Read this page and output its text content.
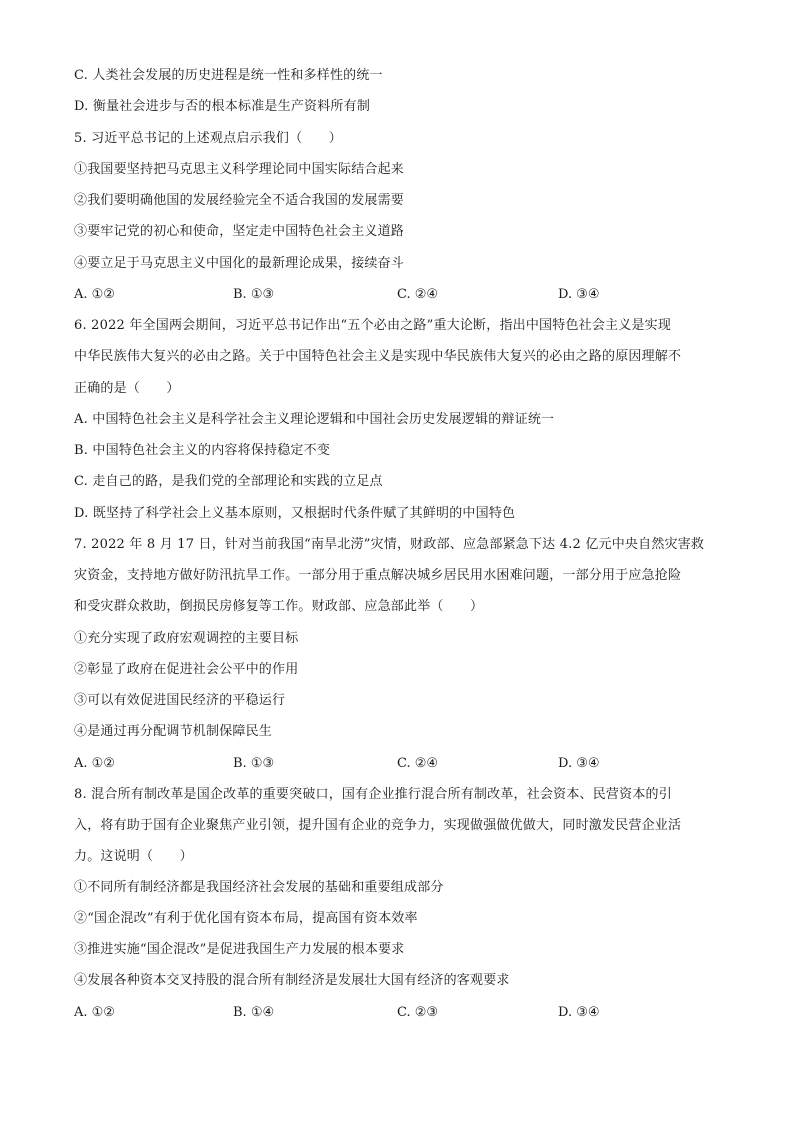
C. 人类社会发展的历史进程是统一性和多样性的统一
D. 衡量社会进步与否的根本标准是生产资料所有制
5. 习近平总书记的上述观点启示我们（　　）
①我国要坚持把马克思主义科学理论同中国实际结合起来
②我们要明确他国的发展经验完全不适合我国的发展需要
③要牢记党的初心和使命，坚定走中国特色社会主义道路
④要立足于马克思主义中国化的最新理论成果，接续奋斗
A. ①②	B. ①③	C. ②④	D. ③④
6. 2022 年全国两会期间，习近平总书记作出“五个必由之路”重大论断，指出中国特色社会主义是实现
中华民族伟大复兴的必由之路。关于中国特色社会主义是实现中华民族伟大复兴的必由之路的原因理解不
正确的是（　　）
A. 中国特色社会主义是科学社会主义理论逻辑和中国社会历史发展逻辑的辩证统一
B. 中国特色社会主义的内容将保持稳定不变
C. 走自己的路，是我们党的全部理论和实践的立足点
D. 既坚持了科学社会上义基本原则，又根据时代条件赋了其鲜明的中国特色
7. 2022 年 8 月 17 日，针对当前我国“南旱北涝”灾情，财政部、应急部紧急下达 4.2 亿元中央自然灾害救
灾资金，支持地方做好防汛抗旱工作。一部分用于重点解决城乡居民用水困难问题，一部分用于应急抢险
和受灾群众救助，倒损民房修复等工作。财政部、应急部此举（　　）
①充分实现了政府宏观调控的主要目标
②彰显了政府在促进社会公平中的作用
③可以有效促进国民经济的平稳运行
④是通过再分配调节机制保障民生
A. ①②	B. ①③	C. ②④	D. ③④
8. 混合所有制改革是国企改革的重要突破口，国有企业推行混合所有制改革，社会资本、民营资本的引
入，将有助于国有企业聚焦产业引领，提升国有企业的竞争力，实现做强做优做大，同时激发民营企业活
力。这说明（　　）
①不同所有制经济都是我国经济社会发展的基础和重要组成部分
②“国企混改”有利于优化国有资本布局，提高国有资本效率
③推进实施“国企混改”是促进我国生产力发展的根本要求
④发展各种资本交叉持股的混合所有制经济是发展壮大国有经济的客观要求
A. ①②	B. ①④	C. ②③	D. ③④
